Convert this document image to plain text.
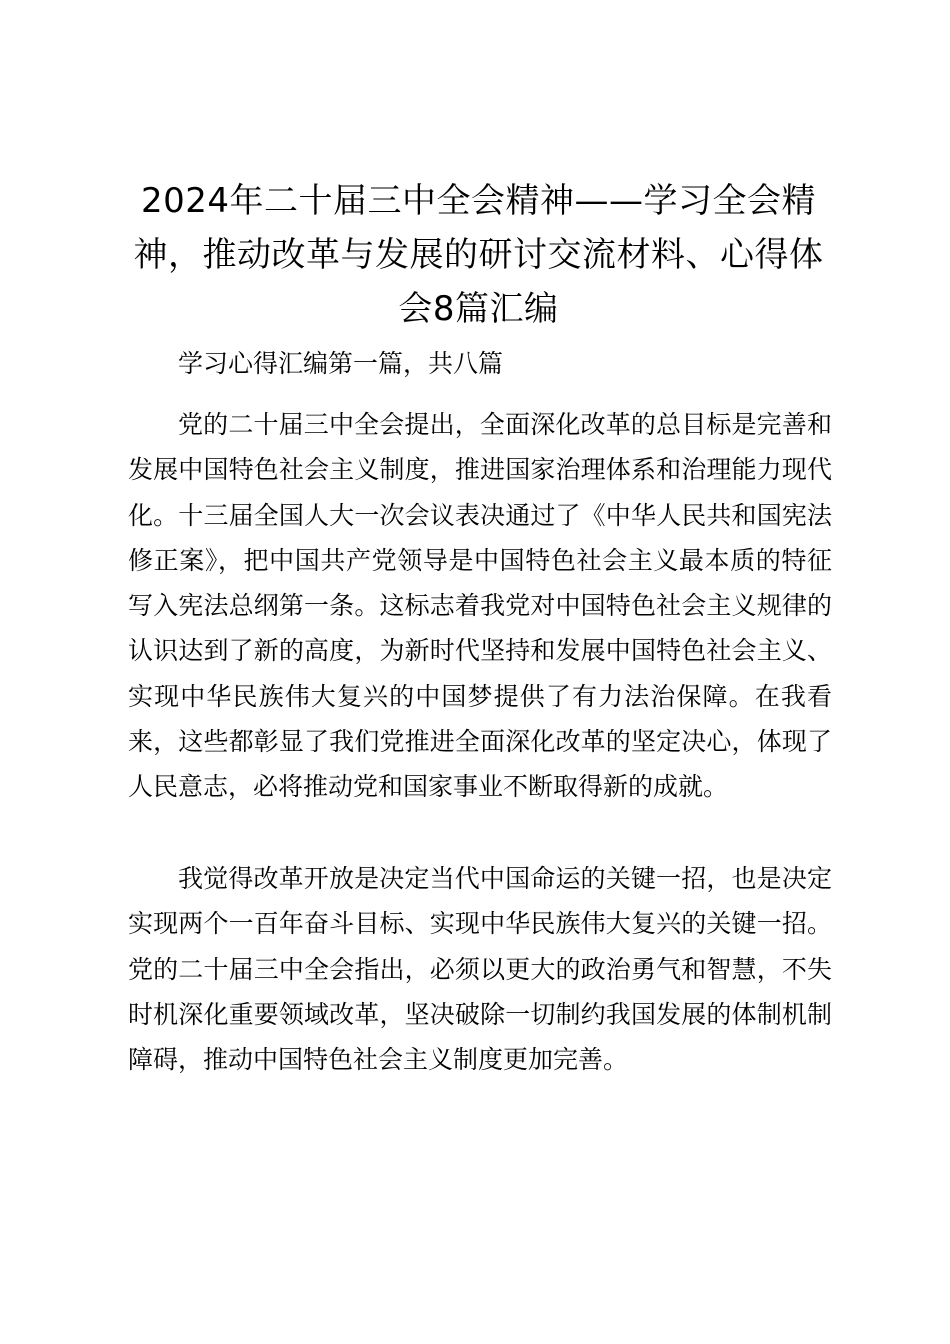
2024年二十届三中全会精神——学习全会精神，推动改革与发展的研讨交流材料、心得体会8篇汇编

学习心得汇编第一篇，共八篇

党的二十届三中全会提出，全面深化改革的总目标是完善和发展中国特色社会主义制度，推进国家治理体系和治理能力现代化。十三届全国人大一次会议表决通过了《中华人民共和国宪法修正案》，把中国共产党领导是中国特色社会主义最本质的特征写入宪法总纲第一条。这标志着我党对中国特色社会主义规律的认识达到了新的高度，为新时代坚持和发展中国特色社会主义、实现中华民族伟大复兴的中国梦提供了有力法治保障。在我看来，这些都彰显了我们党推进全面深化改革的坚定决心，体现了人民意志，必将推动党和国家事业不断取得新的成就。

我觉得改革开放是决定当代中国命运的关键一招，也是决定实现两个一百年奋斗目标、实现中华民族伟大复兴的关键一招。党的二十届三中全会指出，必须以更大的政治勇气和智慧，不失时机深化重要领域改革，坚决破除一切制约我国发展的体制机制障碍，推动中国特色社会主义制度更加完善。
